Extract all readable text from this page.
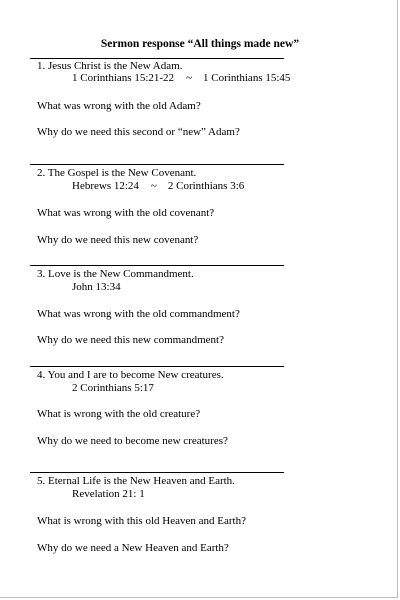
Sermon response “All things made new”
1. Jesus Christ is the New Adam.
1 Corinthians 15:21-22 ~ 1 Corinthians 15:45
What was wrong with the old Adam?
Why do we need this second or “new” Adam?
2. The Gospel is the New Covenant.
Hebrews 12:24 ~ 2 Corinthians 3:6
What was wrong with the old covenant?
Why do we need this new covenant?
3. Love is the New Commandment.
John 13:34
What was wrong with the old commandment?
Why do we need this new commandment?
4. You and I are to become New creatures.
2 Corinthians 5:17
What is wrong with the old creature?
Why do we need to become new creatures?
5. Eternal Life is the New Heaven and Earth.
Revelation 21: 1
What is wrong with this old Heaven and Earth?
Why do we need a New Heaven and Earth?
